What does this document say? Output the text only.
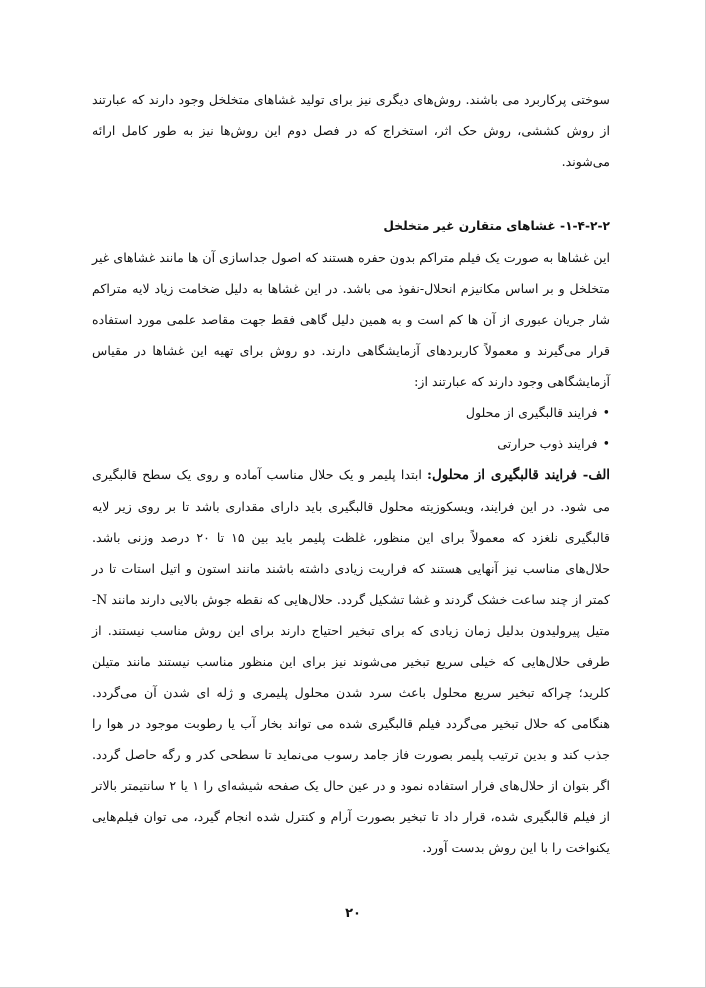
سوختی پرکاربرد می باشند. روش‌های دیگری نیز برای تولید غشاهای متخلخل وجود دارند که عبارتند از روش کششی، روش حک اثر، استخراج که در فصل دوم این روش‌ها نیز به طور کامل ارائه می‌شوند.

۱-۴-۲-۲- غشاهای متقارن غیر متخلخل

این غشاها به صورت یک فیلم متراکم بدون حفره هستند که اصول جداسازی آن ها مانند غشاهای غیر متخلخل و بر اساس مکانیزم انحلال-نفوذ می باشد. در این غشاها به دلیل ضخامت زیاد لایه متراکم شار جریان عبوری از آن ها کم است و به همین دلیل گاهی فقط جهت مقاصد علمی مورد استفاده قرار می‌گیرند و معمولاً کاربردهای آزمایشگاهی دارند. دو روش برای تهیه این غشاها در مقیاس آزمایشگاهی وجود دارند که عبارتند از:

•فرایند قالبگیری از محلول

•فرایند ذوب حرارتی

الف- فرایند قالبگیری از محلول: ابتدا پلیمر و یک حلال مناسب آماده و روی یک سطح قالبگیری می شود. در این فرایند، ویسکوزیته محلول قالبگیری باید دارای مقداری باشد تا بر روی زیر لایه قالبگیری نلغزد که معمولاً برای این منظور، غلظت پلیمر باید بین ۱۵ تا ۲۰ درصد وزنی باشد. حلال‌های مناسب نیز آنهایی هستند که فراریت زیادی داشته باشند مانند استون و اتیل استات تا در کمتر از چند ساعت خشک گردند و غشا تشکیل گردد. حلال‌هایی که نقطه جوش بالایی دارند مانند N-متیل پیرولیدون بدلیل زمان زیادی که برای تبخیر احتیاج دارند برای این روش مناسب نیستند. از طرفی حلال‌هایی که خیلی سریع تبخیر می‌شوند نیز برای این منظور مناسب نیستند مانند متیلن کلرید؛ چراکه تبخیر سریع محلول باعث سرد شدن محلول پلیمری و ژله ای شدن آن می‌گردد. هنگامی که حلال تبخیر می‌گردد فیلم قالبگیری شده می تواند بخار آب یا رطوبت موجود در هوا را جذب کند و بدین ترتیب پلیمر بصورت فاز جامد رسوب می‌نماید تا سطحی کدر و رگه حاصل گردد. اگر بتوان از حلال‌های فرار استفاده نمود و در عین حال یک صفحه شیشه‌ای را ۱ یا ۲ سانتیمتر بالاتر از فیلم قالبگیری شده، قرار داد تا تبخیر بصورت آرام و کنترل شده انجام گیرد، می توان فیلم‌هایی یکنواخت را با این روش بدست آورد.

۲۰
